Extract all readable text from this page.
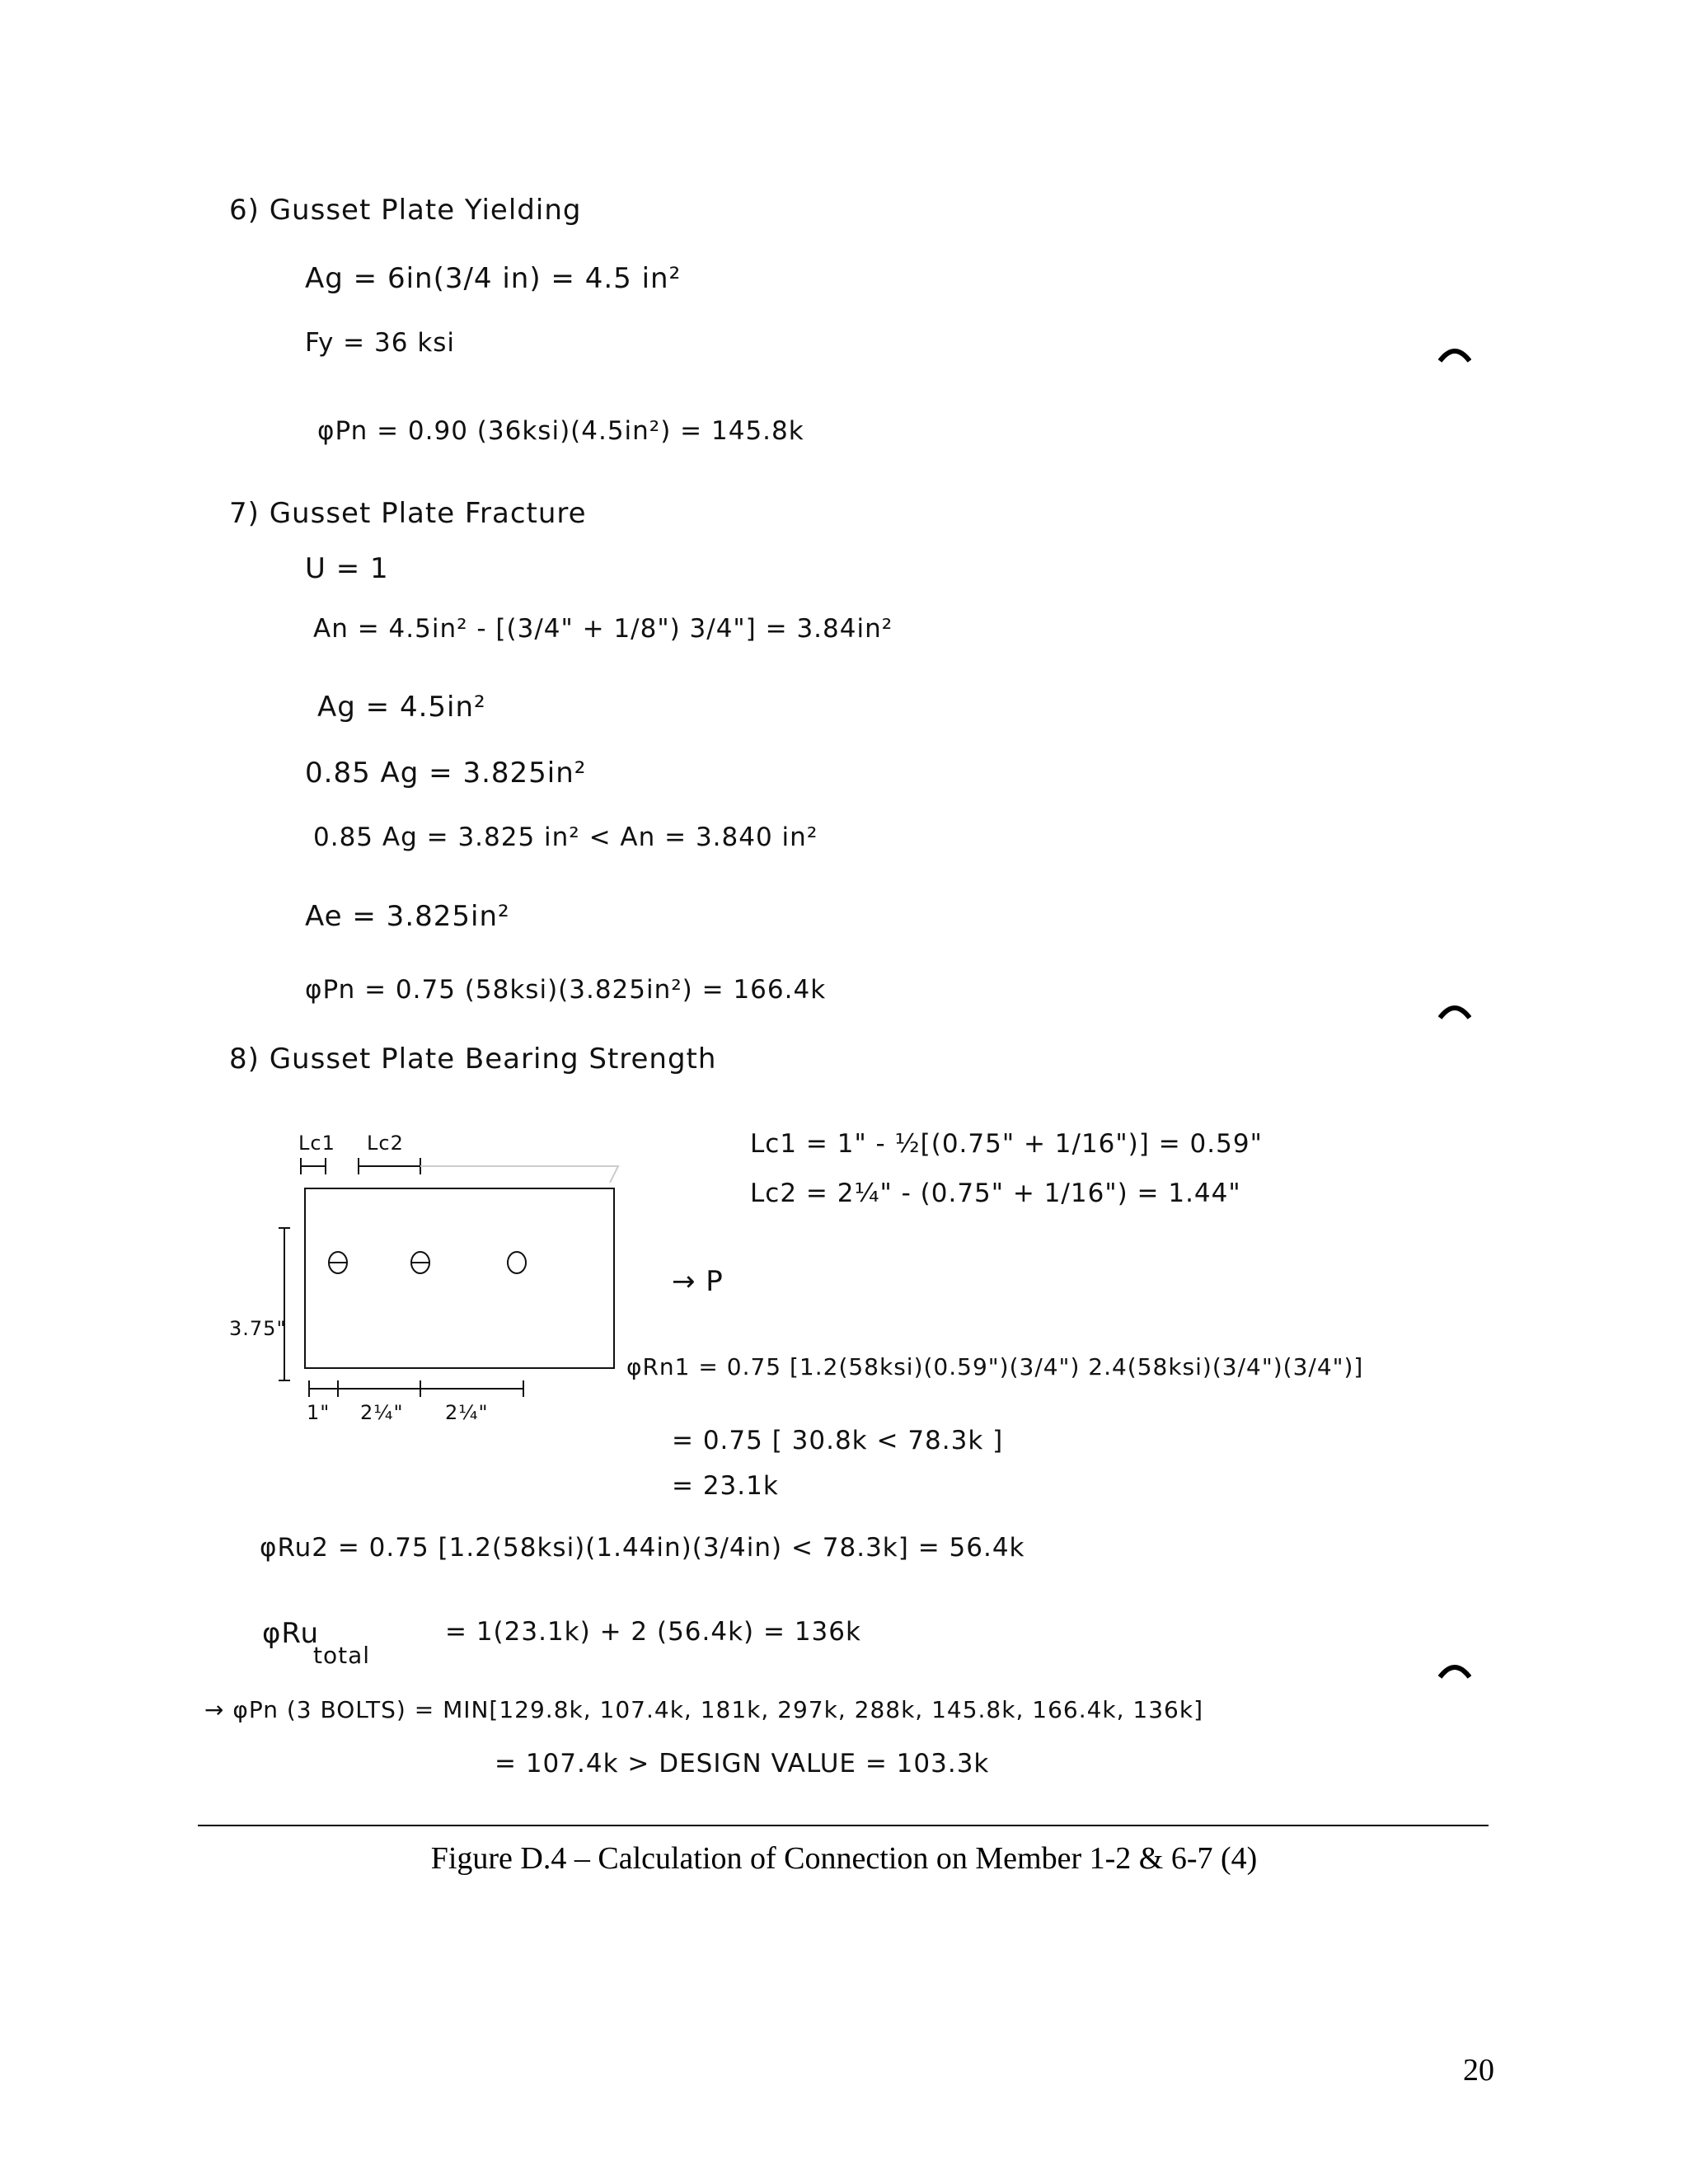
6) Gusset Plate Yielding
Ag = 6in(3/4 in) = 4.5 in²
Fy = 36 ksi
φPn = 0.90 (36ksi)(4.5in²) = 145.8k
7) Gusset Plate Fracture
U = 1
An = 4.5in² - [(3/4" + 1/8") 3/4"] = 3.84in²
Ag = 4.5in²
0.85 Ag = 3.825in²
0.85 Ag = 3.825 in² < An = 3.840 in²
Ae = 3.825in²
φPn = 0.75 (58ksi)(3.825in²) = 166.4k
8) Gusset Plate Bearing Strength
Lc1 = 1" - ½[(0.75" + 1/16")] = 0.59"
Lc2 = 2¼" - (0.75" + 1/16") = 1.44"
→ P
Lc1 Lc2
3.75"
1" 2¼" 2¼"
φRn1 = 0.75 [1.2(58ksi)(0.59")(3/4") 2.4(58ksi)(3/4")(3/4")]
= 0.75 [ 30.8k < 78.3k ]
= 23.1k
φRu2 = 0.75 [1.2(58ksi)(1.44in)(3/4in) < 78.3k] = 56.4k
φRu
total
= 1(23.1k) + 2 (56.4k) = 136k
→ φPn (3 BOLTS) = MIN[129.8k, 107.4k, 181k, 297k, 288k, 145.8k, 166.4k, 136k]
= 107.4k > DESIGN VALUE = 103.3k
Figure D.4 – Calculation of Connection on Member 1-2 & 6-7 (4)
20
